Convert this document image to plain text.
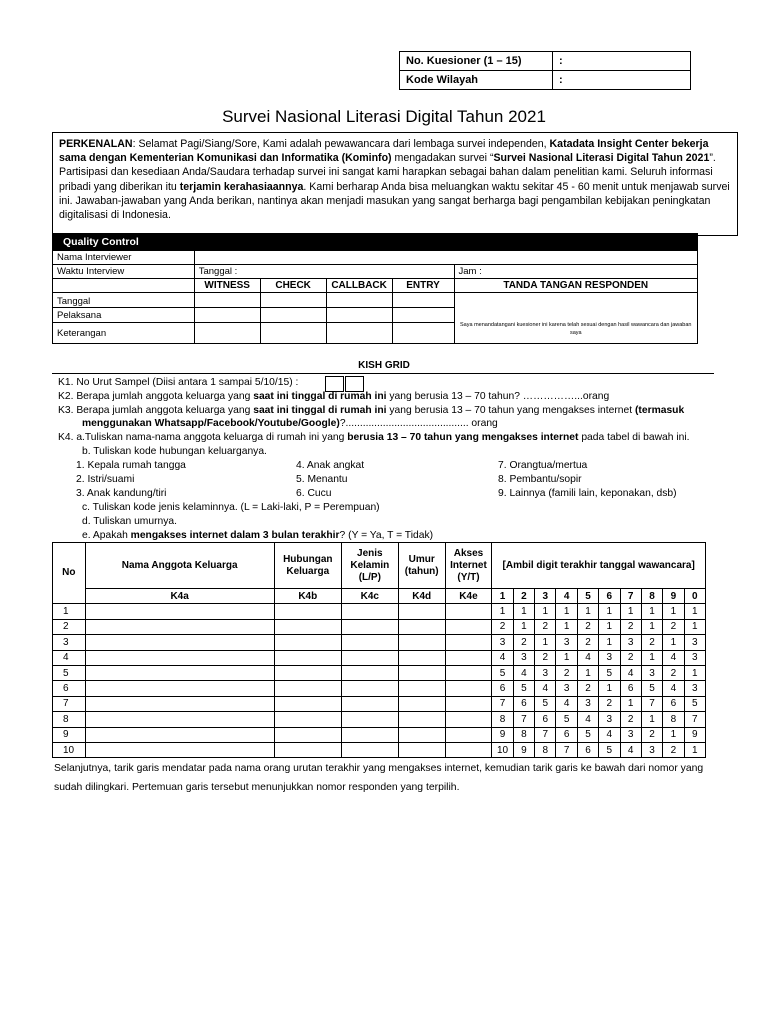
No. Kuesioner (1 – 15)	:
Kode Wilayah	:
Survei Nasional Literasi Digital Tahun 2021
PERKENALAN: Selamat Pagi/Siang/Sore, Kami adalah pewawancara dari lembaga survei independen, Katadata Insight Center bekerja sama dengan Kementerian Komunikasi dan Informatika (Kominfo) mengadakan survei “Survei Nasional Literasi Digital Tahun 2021”. Partisipasi dan kesediaan Anda/Saudara terhadap survei ini sangat kami harapkan sebagai bahan dalam penelitian kami. Seluruh informasi pribadi yang diberikan itu terjamin kerahasiaannya. Kami berharap Anda bisa meluangkan waktu sekitar 45 - 60 menit untuk menjawab survei ini. Jawaban-jawaban yang Anda berikan, nantinya akan menjadi masukan yang sangat berharga bagi pengambilan kebijakan peningkatan digitalisasi di Indonesia.
Quality Control					
Nama Interviewer					
Waktu Interview	Tanggal :				Jam :
	WITNESS	CHECK	CALLBACK	ENTRY	TANDA TANGAN RESPONDEN
Tanggal					Saya menandatangani kuesioner ini karena telah sesuai dengan hasil wawancara dan jawaban saya
Pelaksana					
Keterangan					
KISH GRID
K1. No Urut Sampel (Diisi antara 1 sampai 5/10/15) :
K2. Berapa jumlah anggota keluarga yang saat ini tinggal di rumah ini yang berusia 13 – 70 tahun? ……………...orang
K3. Berapa jumlah anggota keluarga yang saat ini tinggal di rumah ini yang berusia 13 – 70 tahun yang mengakses internet (termasuk
menggunakan Whatsapp/Facebook/Youtube/Google)?........................................... orang
K4. a.Tuliskan nama-nama anggota keluarga di rumah ini yang berusia 13 – 70 tahun yang mengakses internet pada tabel di bawah ini.
b. Tuliskan kode hubungan keluarganya.
1. Kepala rumah tangga
2. Istri/suami
3. Anak kandung/tiri
4. Anak angkat
5. Menantu
6. Cucu
7. Orangtua/mertua
8. Pembantu/sopir
9. Lainnya (famili lain, keponakan, dsb)
c. Tuliskan kode jenis kelaminnya. (L = Laki-laki, P = Perempuan)
d. Tuliskan umurnya.
e. Apakah mengakses internet dalam 3 bulan terakhir? (Y = Ya, T = Tidak)
No	Nama Anggota Keluarga	Hubungan Keluarga	Jenis Kelamin (L/P)	Umur (tahun)	Akses Internet (Y/T)	[Ambil digit terakhir tanggal wawancara]									
	K4a	K4b	K4c	K4d	K4e	1	2	3	4	5	6	7	8	9	0
1						1	1	1	1	1	1	1	1	1	1
2						2	1	2	1	2	1	2	1	2	1
3						3	2	1	3	2	1	3	2	1	3
4						4	3	2	1	4	3	2	1	4	3
5						5	4	3	2	1	5	4	3	2	1
6						6	5	4	3	2	1	6	5	4	3
7						7	6	5	4	3	2	1	7	6	5
8						8	7	6	5	4	3	2	1	8	7
9						9	8	7	6	5	4	3	2	1	9
10						10	9	8	7	6	5	4	3	2	1
Selanjutnya, tarik garis mendatar pada nama orang urutan terakhir yang mengakses internet, kemudian tarik garis ke bawah dari nomor yang sudah dilingkari. Pertemuan garis tersebut menunjukkan nomor responden yang terpilih.
